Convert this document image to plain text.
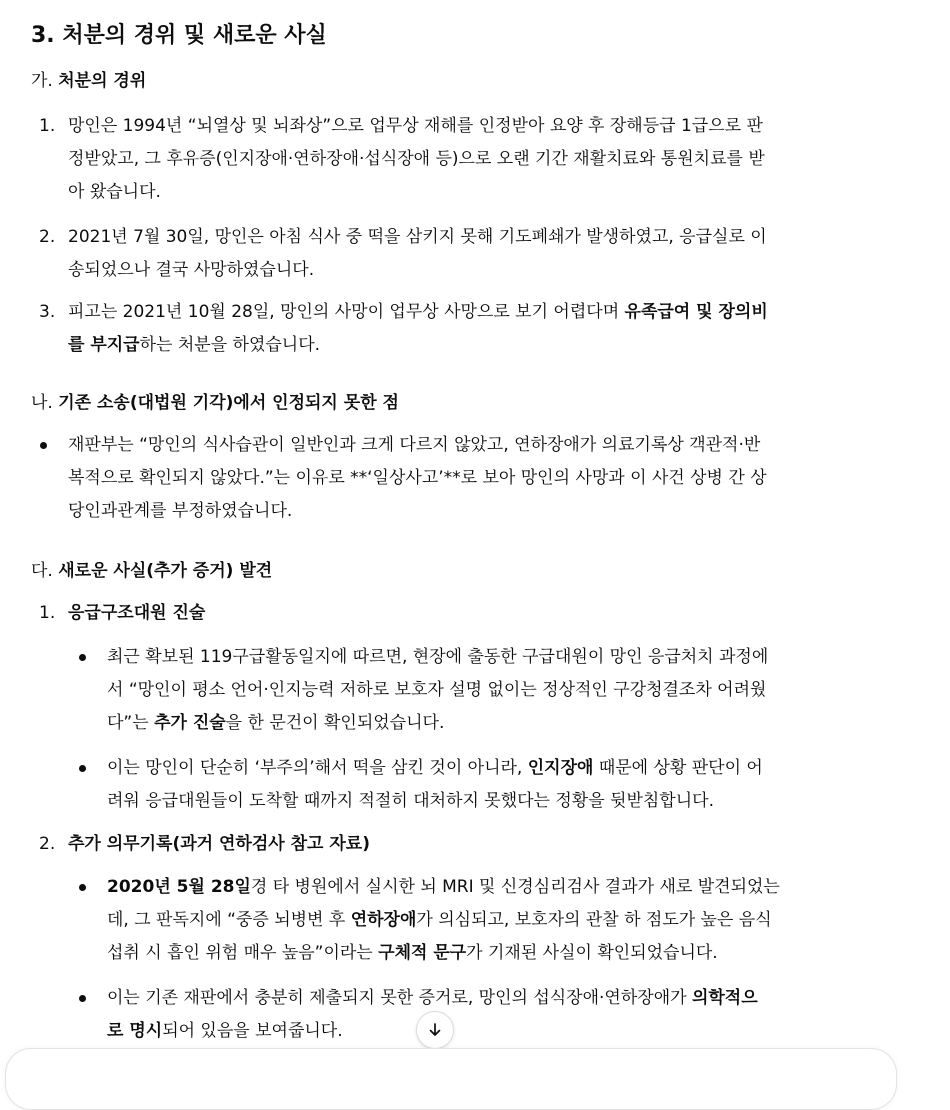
3. 처분의 경위 및 새로운 사실
가. 처분의 경위
1. 망인은 1994년 “뇌열상 및 뇌좌상”으로 업무상 재해를 인정받아 요양 후 장해등급 1급으로 판
정받았고, 그 후유증(인지장애·연하장애·섭식장애 등)으로 오랜 기간 재활치료와 통원치료를 받
아 왔습니다.
2. 2021년 7월 30일, 망인은 아침 식사 중 떡을 삼키지 못해 기도폐쇄가 발생하였고, 응급실로 이
송되었으나 결국 사망하였습니다.
3. 피고는 2021년 10월 28일, 망인의 사망이 업무상 사망으로 보기 어렵다며 유족급여 및 장의비
를 부지급하는 처분을 하였습니다.
나. 기존 소송(대법원 기각)에서 인정되지 못한 점
재판부는 “망인의 식사습관이 일반인과 크게 다르지 않았고, 연하장애가 의료기록상 객관적·반
복적으로 확인되지 않았다.”는 이유로 **‘일상사고’**로 보아 망인의 사망과 이 사건 상병 간 상
당인과관계를 부정하였습니다.
다. 새로운 사실(추가 증거) 발견
1. 응급구조대원 진술
최근 확보된 119구급활동일지에 따르면, 현장에 출동한 구급대원이 망인 응급처치 과정에
서 “망인이 평소 언어·인지능력 저하로 보호자 설명 없이는 정상적인 구강청결조차 어려웠
다”는 추가 진술을 한 문건이 확인되었습니다.
이는 망인이 단순히 ‘부주의’해서 떡을 삼킨 것이 아니라, 인지장애 때문에 상황 판단이 어
려워 응급대원들이 도착할 때까지 적절히 대처하지 못했다는 정황을 뒷받침합니다.
2. 추가 의무기록(과거 연하검사 참고 자료)
2020년 5월 28일경 타 병원에서 실시한 뇌 MRI 및 신경심리검사 결과가 새로 발견되었는
데, 그 판독지에 “중증 뇌병변 후 연하장애가 의심되고, 보호자의 관찰 하 점도가 높은 음식
섭취 시 흡인 위험 매우 높음”이라는 구체적 문구가 기재된 사실이 확인되었습니다.
이는 기존 재판에서 충분히 제출되지 못한 증거로, 망인의 섭식장애·연하장애가 의학적으
로 명시되어 있음을 보여줍니다.
